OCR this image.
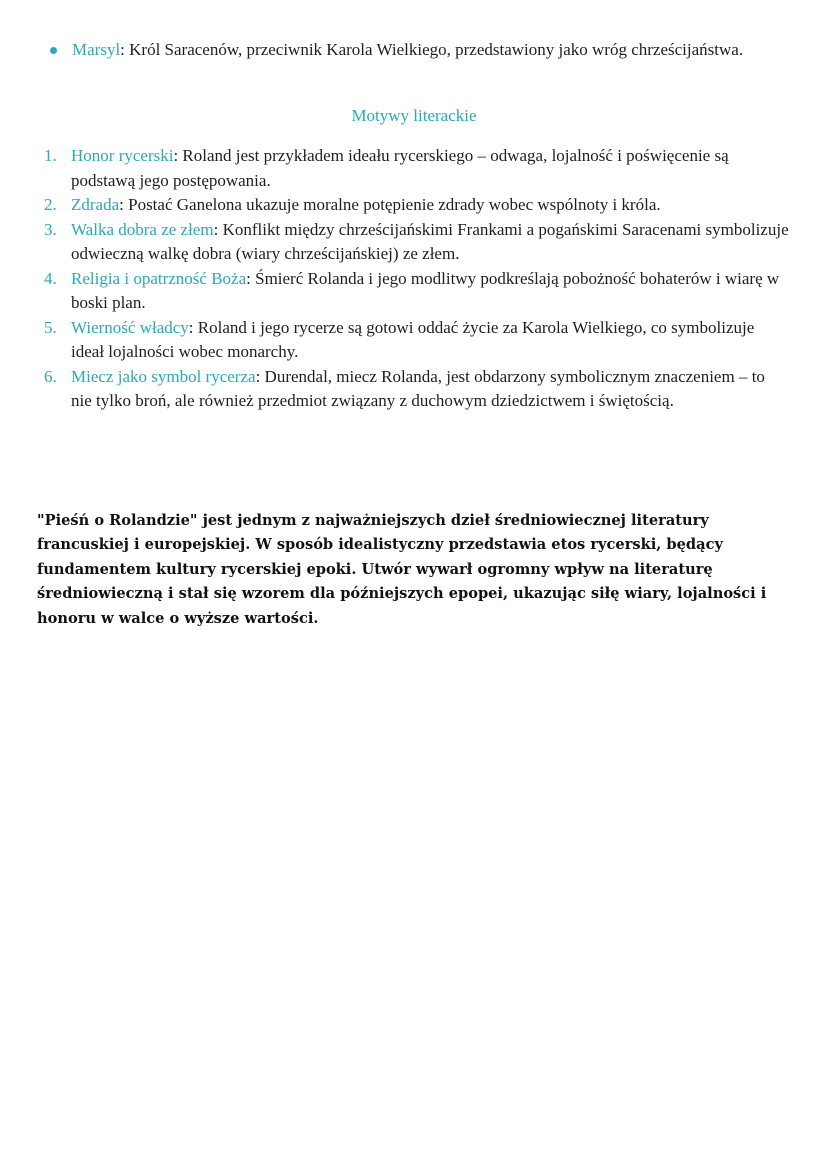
Marsyl: Król Saracenów, przeciwnik Karola Wielkiego, przedstawiony jako wróg chrześcijaństwa.
Motywy literackie
1. Honor rycerski: Roland jest przykładem ideału rycerskiego – odwaga, lojalność i poświęcenie są podstawą jego postępowania.
2. Zdrada: Postać Ganelona ukazuje moralne potępienie zdrady wobec wspólnoty i króla.
3. Walka dobra ze złem: Konflikt między chrześcijańskimi Frankami a pogańskimi Saracenami symbolizuje odwieczną walkę dobra (wiary chrześcijańskiej) ze złem.
4. Religia i opatrzność Boża: Śmierć Rolanda i jego modlitwy podkreślają pobożność bohaterów i wiarę w boski plan.
5. Wierność władcy: Roland i jego rycerze są gotowi oddać życie za Karola Wielkiego, co symbolizuje ideał lojalności wobec monarchy.
6. Miecz jako symbol rycerza: Durendal, miecz Rolanda, jest obdarzony symbolicznym znaczeniem – to nie tylko broń, ale również przedmiot związany z duchowym dziedzictwem i świętością.

"Pieśń o Rolandzie" jest jednym z najważniejszych dzieł średniowiecznej literatury francuskiej i europejskiej. W sposób idealistyczny przedstawia etos rycerski, będący fundamentem kultury rycerskiej epoki. Utwór wywarł ogromny wpływ na literaturę średniowieczną i stał się wzorem dla późniejszych epopei, ukazując siłę wiary, lojalności i honoru w walce o wyższe wartości.
